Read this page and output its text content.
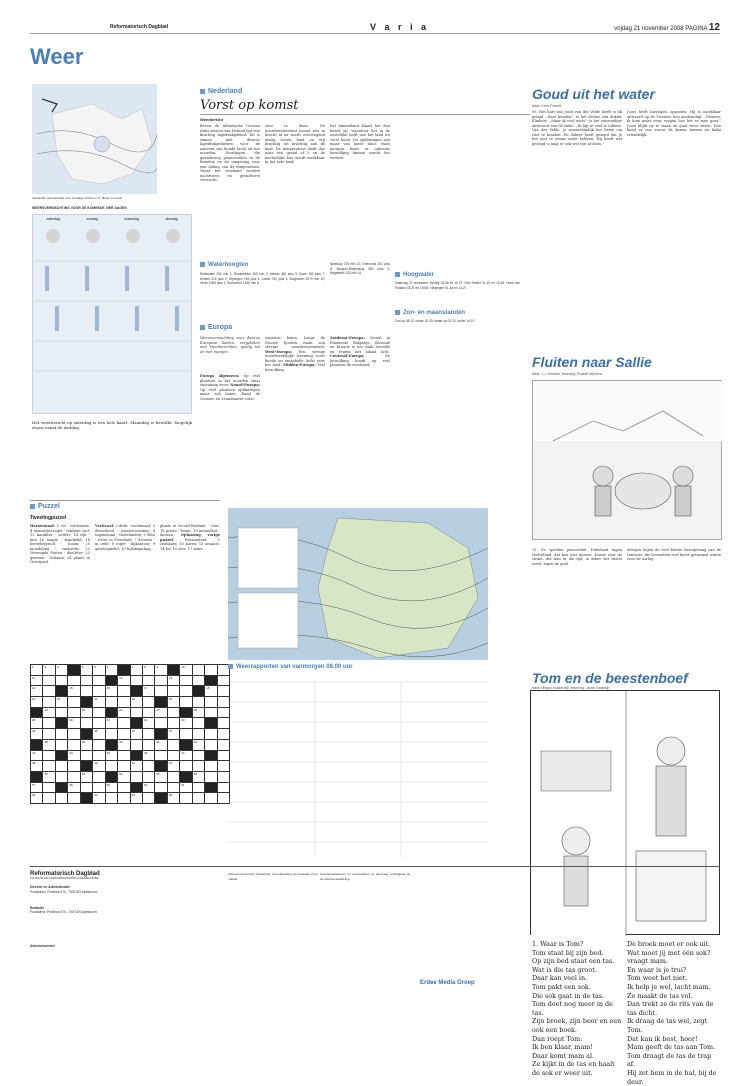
Reformatorisch Dagblad	V a r i a	vrijdag 21 november 2008 PAGINA 12
Weer
Verwachte weerssituatie voor vandaag 13.00 uur (© Meteo Consult)
WEERSVERWACHTING VOOR DE KOMENDE VIER DAGEN
zaterdag	zondag	maandag	dinsdag
Het weerbericht op zaterdag is een hele kaart. Maandag is bewolkt. Mogelijk regen vanaf de middag.
Nederland
Vorst op komst
Weerbericht
Boven de Atlantische Oceaan trekt westen van Ierland ligt een krachtig lagedrukgebied. Dit is samen met diverse lagedrukgebieden voor de aanvoer van koude lucht uit het noorden. Stortingen die gaandeweg plaatsvinden in de Benelux en de omgeving voor een daling van de temperatuur. Vanaf het weekend worden nachtvorst en grondvorst verwacht.
voor te doen. De noordwesterwind neemt iets in kracht af en wordt overwegend matig boven land en vrij krachtig tot krachtig aan de kust. De temperatuur daalt dus naar een graad of 5 en de nachtelijke kou wordt merkbaar in het hele land.
het binnenland klaart het dan breed op, waardoor het in de oostelijke helft van het land tot vorst komt. De opklaringen zijn maar van korte duur, want morgen komt er opnieuw bewolking binnen vanuit het westen.
Waterhoogten
Rotterdam 292 min 1; Rheinfelden 265 min 2; Maxau 481 plus 9; Kaub 190 plus 7; Keulen 214 plus 2; Nijmegen 745 plus 4; Lobith 752 plus 3; Borgharen 3970 min 22; Venlo 1005 plus 1; Roermond 1468 min 8.
Ijsselkop 378 min 12; Driemond 301 plus 8; Bergum-Rhijnsburg 380 plus 4; Hagestein 232 min 14.	Hoogwater
Zaterdag 22 november: Delfzijl 06.56 en 19.37; Den Helder 01.15 en 13.45; Hoek van Holland 03.21 en 15.58; Vlissingen 01.48 en 14.27.
Zon- en maanstanden
Zon op 08.12, onder 16.40; maan op 02.23, onder 14.10.
Europa
Weersverwachting voor diverse Europese landen, vergeleken met Weerberichten, geldig tot en met morgen.
Europa algemeen: Op veel plaatsen in het noorden staat onstuimig weer. Noord-Europa: Op veel plaatsen opklaringen maar ook buien. Rond de Oostzee en Scandinavië vorst.
winterse buien. Langs de Noorse fjorden waait een stevige noordwestenwind. West-Europa: Een stevige noordwestelijke stroming voert koude en onstabiele lucht over het land. Midden-Europa: Veel bewolking.
Zuidoost-Europa: Vooral in Roemenië, Bulgarije, Slovenië en Kroatië is het vaak bewolkt en regent het lokaal licht. Centraal-Europa: De bewolking houdt op veel plaatsen de overhand.
Goud uit het water
tekst: Kees Posmit
95. Het hart van Joost van der Velde heeft 'n tik gehad. „Bast houden", is het devies van dokter Klinkert. „Maar ik voel niets", is het eenvoudige antwoord van de zieke. „Ik ligt te veel te tobben. Van der Velde, je waarschijnlijk het beste om rust te houden. De dokter heeft gezegd dat je het niet te zwaar moet hebben. Hij heeft wel gezegd: u mag er ook wel wat af doen."
Joost heeft hierlopen opgezien. Hij is merkbaar ontroerd op de Twentse hen aanhoudigt. „Meneer, ik kom maar eens vragen hoe het er mee gaat," Joost blijkt op te staan en gaat weer zitten. Dan komt er een vrouw de kamer binnen en knikt vriendelijk.
Fluiten naar Sallie
tekst: J.J. Kessels, tekening: Roeleff Wijnstra
12. Ze spelden putvoetbal. Duitsland tegen Nederland, dat kon niet missen. Dwars over de straat, die hun in die tijd, al zeker het rustst werd, lagen de goal.
afregen tegen de veel betere bewapening van de Duitsers, die bovendien veel beter getrained waren voor de oorlog.
Tom en de beestenboef
tekst: Mirjam Mosterdijk, tekening: Jacob Kastelijn
1. Waar is Tom?
Tom staat bij zijn bed.
Op zijn bed staat een tas.
Wat is die tas groot.
Daar kan veel in.
Tom pakt een sok.
Die sok gaat in de tas.
Tom doet nog meer in de tas.
Zijn broek, zijn beer en een ook een boek.
Dan roept Tom:
Ik ben klaar, mam!
Daar komt mam al.
Ze kijkt in de tas en haalt de sok er weer uit.
De broek moet er ook uit.
Wat moet jij met één sok? vraagt mam.
En waar is je trui?
Tom weet het niet.
Ik help je wel, lacht mam.
Ze maakt de tas vol.
Dan trekt ze de rits van de tas dicht.
Ik draag de tas wel, zegt Tom.
Dat kan ik best, hoor!
Mam geeft de tas aan Tom.
Tom draagt de tas de trap af.
Hij zet hem in de hal, bij de deur.
Puzzel
Tweelingpuzzel
Horizontaal: 1 vis - voldoende; 4 mannetjesvogel - rekbare stof; 12 karakter - sedert; 14 rijk - met 16 laagte - familielid; 18 beetebrigroof - boom; 20 mondeling - vaatwerk; 22 Verenigde Staten - deelitter; 23 gemeen - lichaam; 24 plaats in Overijssel.
Verticaal: 2 druk - vochtmaat; 3 dwarsbout - pardoesvormig; 4 tegenstand - vastelanden; 5 elite - rivier in Friesland; 7 dromen - in orde; 8 roger - bijkantoor; 9 garenspindel; 10 tijdsbepaling.
plaats in Noord-Brabant - vóór; 18 priem - boom; 19 mosselbot - dansen. Oplossing vorige puzzel: Horizontaal: 1 zonbaars; 10 koren; 12 ornaats; 14 ha; 15 ster; 17 mine.
1	2	3		4	5	6		7	8	9		10			
11							12				13				
14			15			16			17					18	
19		20			21			22			23				
	24			25			26			27			28		
29			30			31			32			33			
34					35			36			37				
	38			39			40			41			42		
43			44			45			46			47			
48					49			50			51				
	52			53			54			55			56		
57			58			59			60			61			
62					63			64			65				
Weerrapporten van vanmorgen 08.00 uur
Reformatorisch Dagblad
UITGAVE VAN REFORMATORISCH DAGBLAD BV
Directie en Administratie
Postadres: Postbus 670, 7300 AR Apeldoorn.
Redactie
Postadres: Postbus 670, 7300 AR Apeldoorn.
Abonnementen
Abonnementsprijzen Nederland: Vooruitbetaling per kwartaal of per maand.
Advertentietarieven en voorwaarden op aanvraag verkrijgbaar bij de advertentieafdeling.
Erdee Media Groep
